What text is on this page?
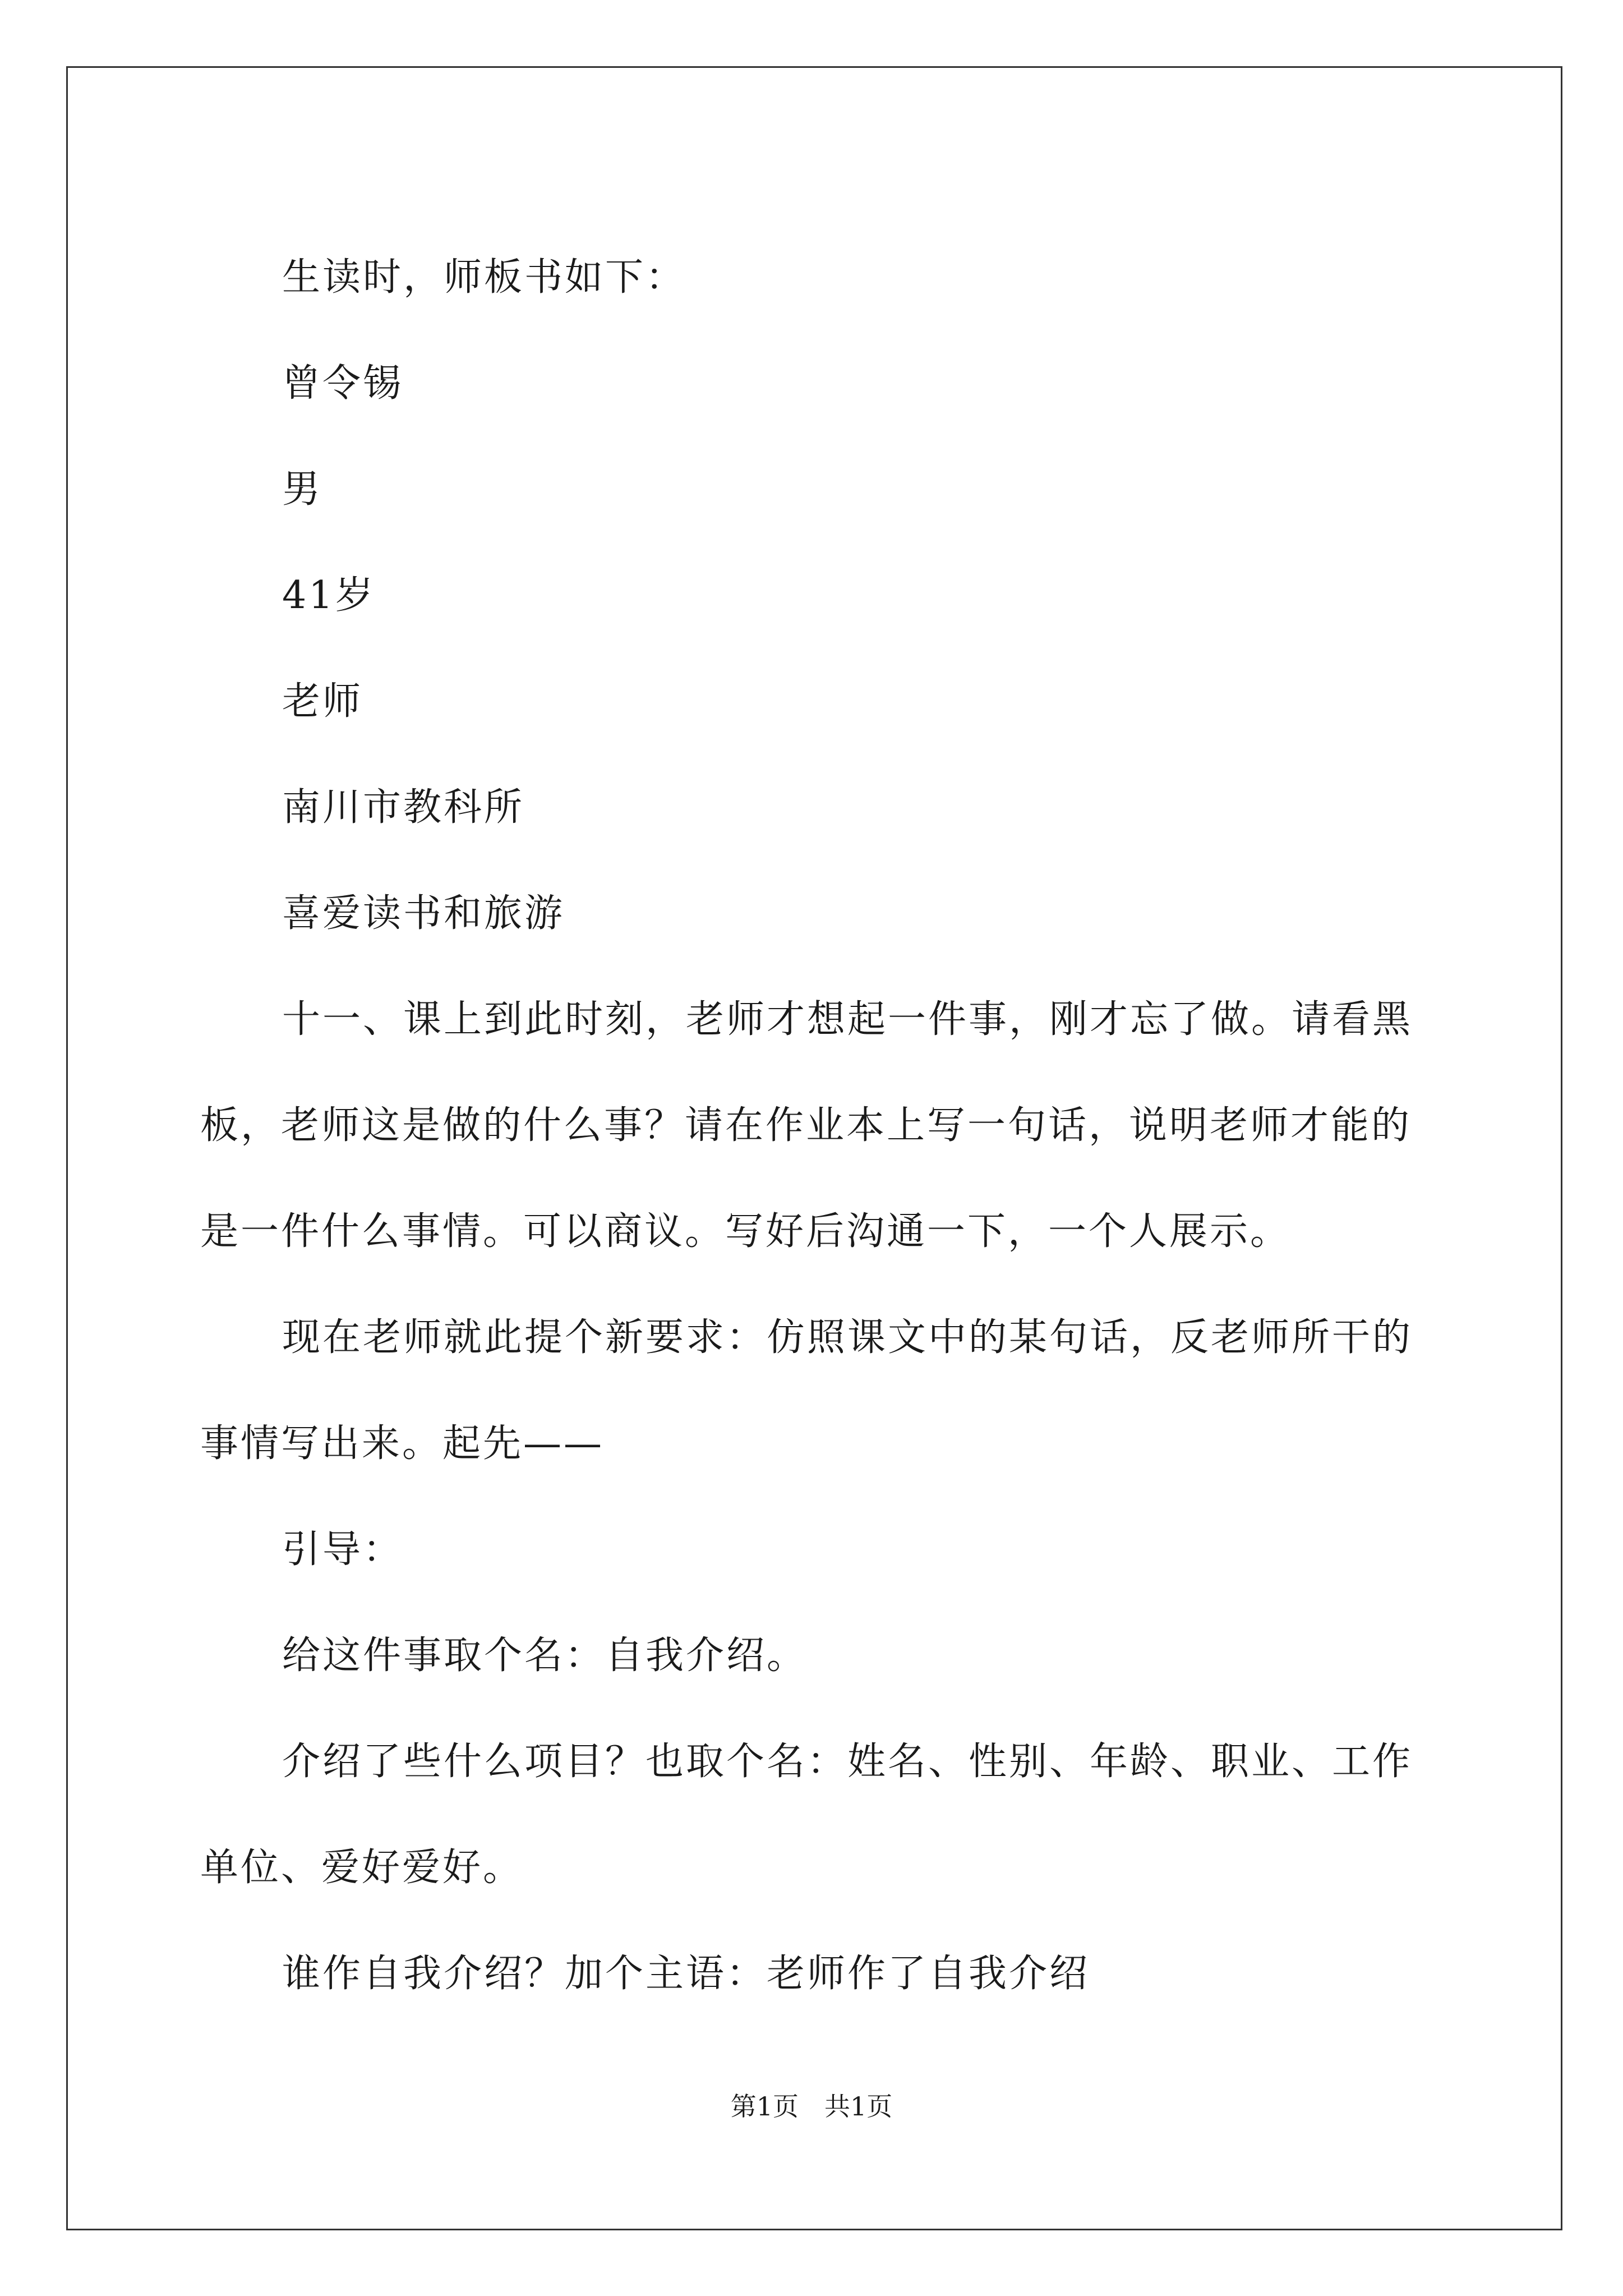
生读时，师板书如下：

曾令锡

男

41岁

老师

南川市教科所

喜爱读书和旅游

十一、课上到此时刻，老师才想起一件事，刚才忘了做。请看黑板，老师这是做的什么事？请在作业本上写一句话，说明老师才能的是一件什么事情。可以商议。写好后沟通一下，一个人展示。

现在老师就此提个新要求：仿照课文中的某句话，反老师所干的事情写出来。起先——

引导：

给这件事取个名：自我介绍。

介绍了些什么项目？也取个名：姓名、性别、年龄、职业、工作单位、爱好爱好。

谁作自我介绍？加个主语：老师作了自我介绍

第1页 共1页
